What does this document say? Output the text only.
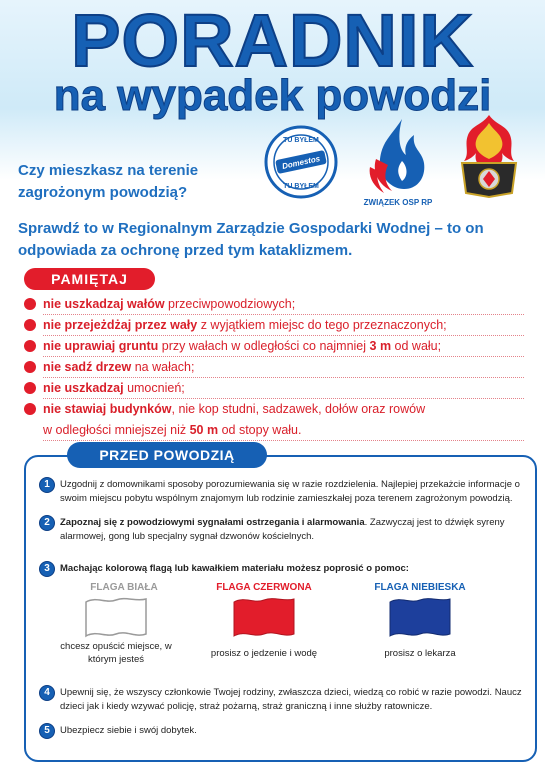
PORADNIK
na wypadek powodzi
Czy mieszkasz na terenie zagrożonym powodzią?
TU BYŁEM
Domestos
TU BYŁEM
ZWIĄZEK OSP RP
Sprawdź to w Regionalnym Zarządzie Gospodarki Wodnej – to on odpowiada za ochronę przed tym kataklizmem.
PAMIĘTAJ
nie uszkadzaj wałów przeciwpowodziowych;
nie przejeżdżaj przez wały z wyjątkiem miejsc do tego przeznaczonych;
nie uprawiaj gruntu przy wałach w odległości co najmniej 3 m od wału;
nie sadź drzew na wałach;
nie uszkadzaj umocnień;
nie stawiaj budynków, nie kop studni, sadzawek, dołów oraz rowów
w odległości mniejszej niż 50 m od stopy wału.
PRZED POWODZIĄ
1	Uzgodnij z domownikami sposoby porozumiewania się w razie rozdzielenia. Najlepiej przekażcie informacje o swoim miejscu pobytu wspólnym znajomym lub rodzinie zamieszkałej poza terenem zagrożonym powodzią.
2	Zapoznaj się z powodziowymi sygnałami ostrzegania i alarmowania. Zazwyczaj jest to dźwięk syreny alarmowej, gong lub specjalny sygnał dzwonów kościelnych.
3	Machając kolorową flagą lub kawałkiem materiału możesz poprosić o pomoc:
FLAGA BIAŁA	FLAGA CZERWONA	FLAGA NIEBIESKA
chcesz opuścić miejsce, w którym jesteś
prosisz o jedzenie i wodę	prosisz o lekarza
4	Upewnij się, że wszyscy członkowie Twojej rodziny, zwłaszcza dzieci, wiedzą co robić w razie powodzi. Naucz dzieci jak i kiedy wzywać policję, straż pożarną, straż graniczną i inne służby ratownicze.
5	Ubezpiecz siebie i swój dobytek.
